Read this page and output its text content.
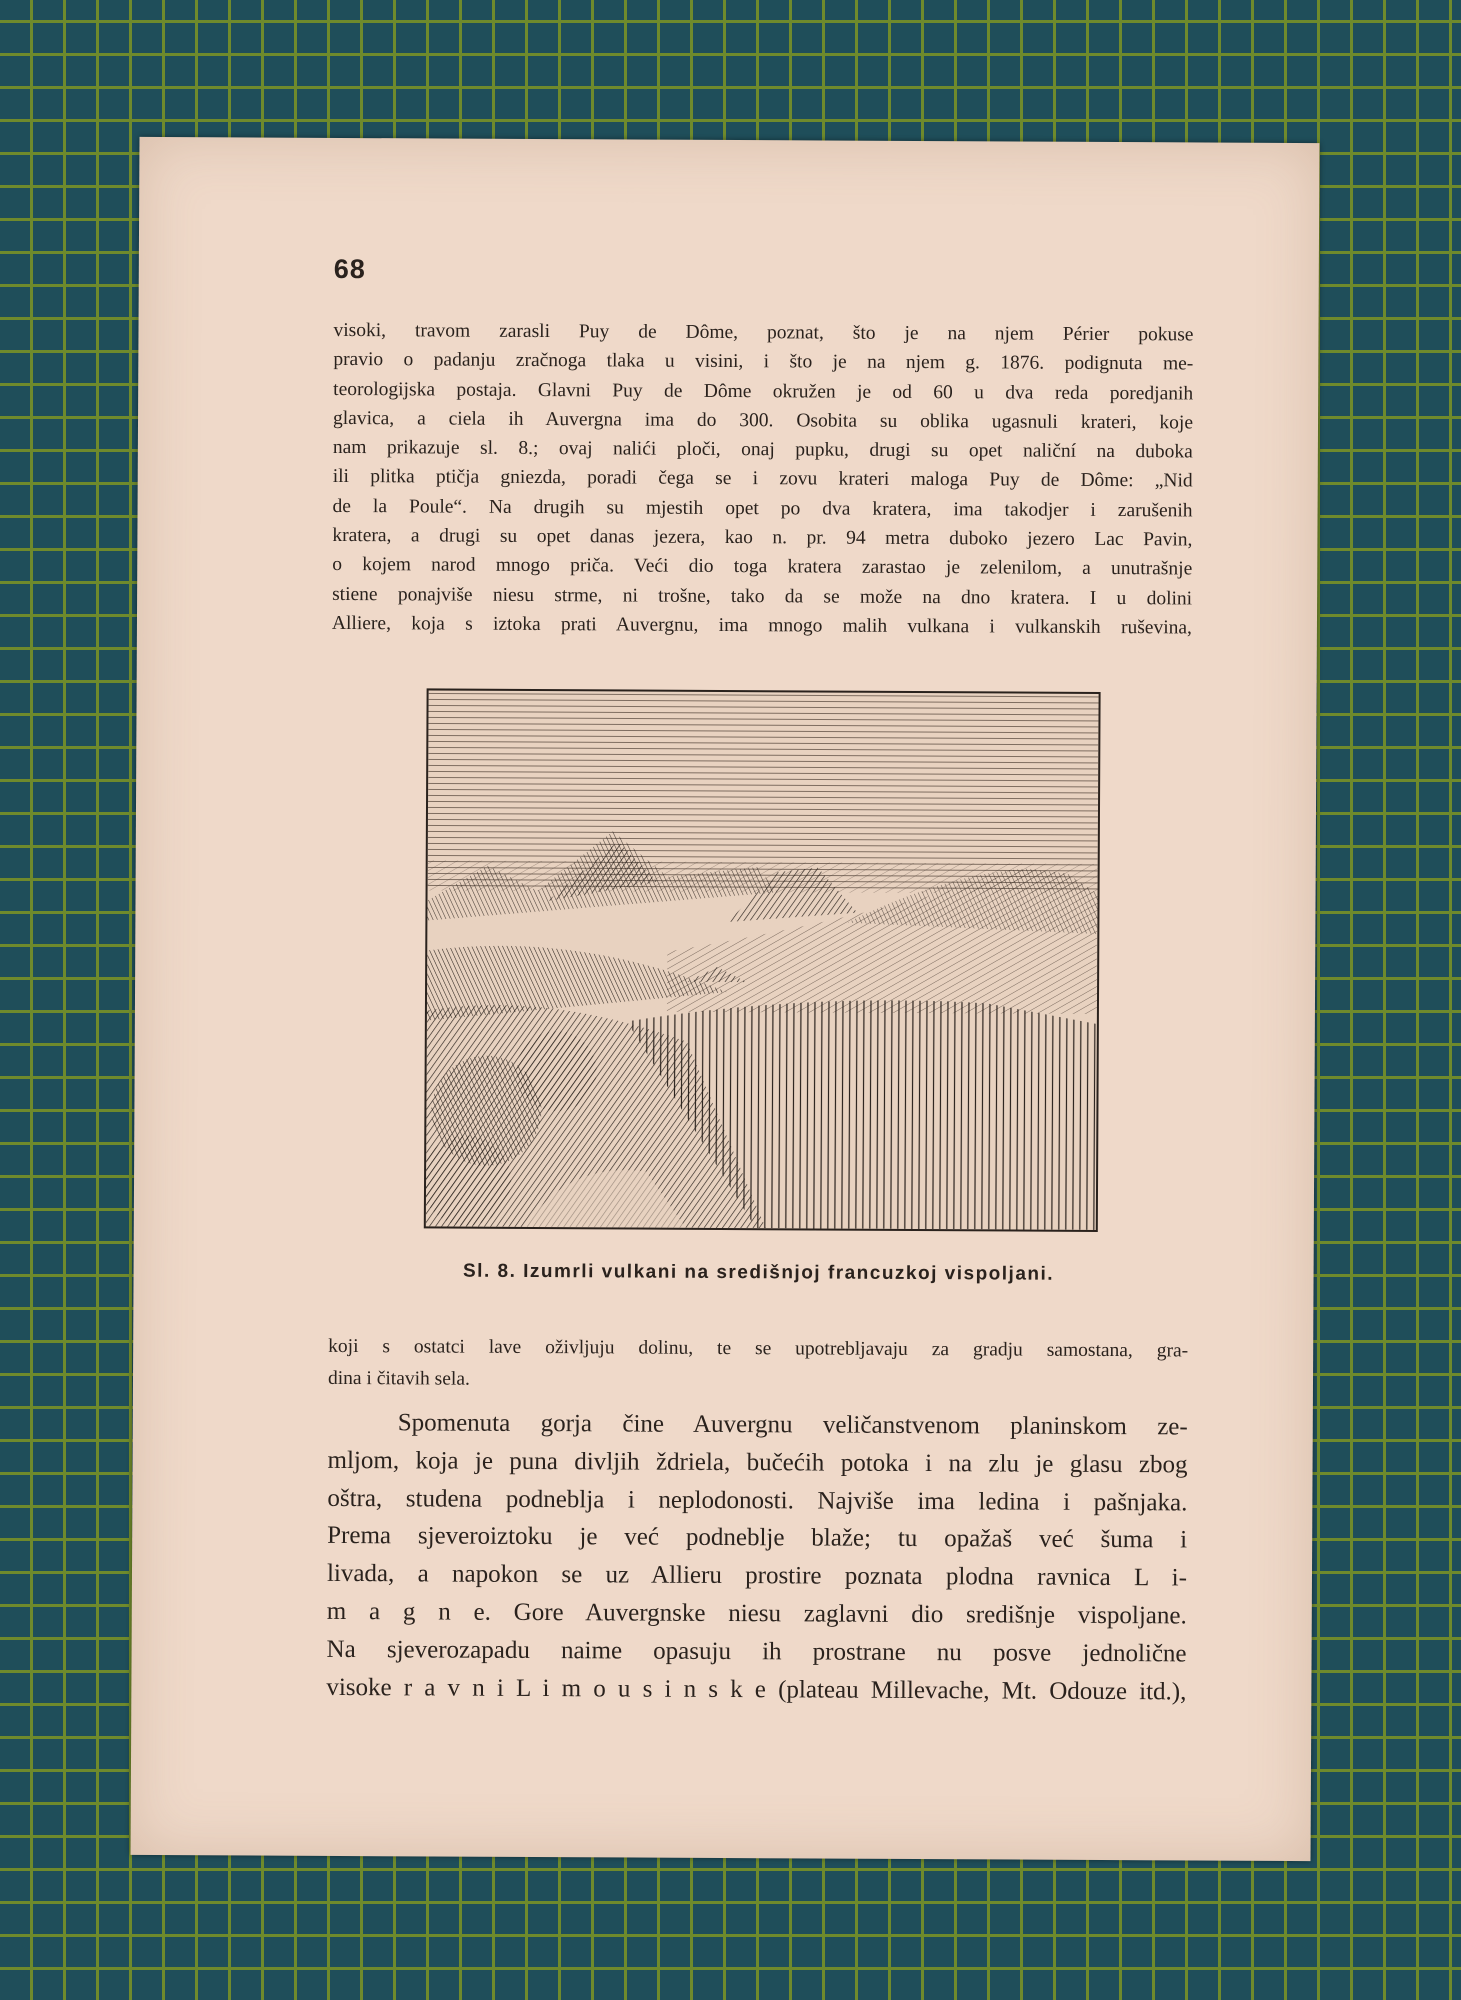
68
visoki, travom zarasli Puy de Dôme, poznat, što je na njem Périer pokuse
pravio o padanju zračnoga tlaka u visini, i što je na njem g. 1876. podignuta me-
teorologijska postaja. Glavni Puy de Dôme okružen je od 60 u dva reda poredjanih
glavica, a ciela ih Auvergna ima do 300. Osobita su oblika ugasnuli krateri, koje
nam prikazuje sl. 8.; ovaj nalići ploči, onaj pupku, drugi su opet naliční na duboka
ili plitka ptičja gniezda, poradi čega se i zovu krateri maloga Puy de Dôme: „Nid
de la Poule“. Na drugih su mjestih opet po dva kratera, ima takodjer i zarušenih
kratera, a drugi su opet danas jezera, kao n. pr. 94 metra duboko jezero Lac Pavin,
o kojem narod mnogo priča. Veći dio toga kratera zarastao je zelenilom, a unutrašnje
stiene ponajviše niesu strme, ni trošne, tako da se može na dno kratera. I u dolini
Alliere, koja s iztoka prati Auvergnu, ima mnogo malih vulkana i vulkanskih ruševina,
Sl. 8. Izumrli vulkani na središnjoj francuzkoj vispoljani.
koji s ostatci lave oživljuju dolinu, te se upotrebljavaju za gradju samostana, gra-
dina i čitavih sela.
Spomenuta gorja čine Auvergnu veličanstvenom planinskom ze-
mljom, koja je puna divljih ždriela, bučećih potoka i na zlu je glasu zbog
oštra, studena podneblja i neplodonosti. Najviše ima ledina i pašnjaka.
Prema sjeveroiztoku je već podneblje blaže; tu opažaš već šuma i
livada, a napokon se uz Allieru prostire poznata plodna ravnica L i-
m a g n e. Gore Auvergnske niesu zaglavni dio središnje vispoljane.
Na sjeverozapadu naime opasuju ih prostrane nu posve jednolične
visoke r a v n i L i m o u s i n s k e (plateau Millevache, Mt. Odouze itd.),
